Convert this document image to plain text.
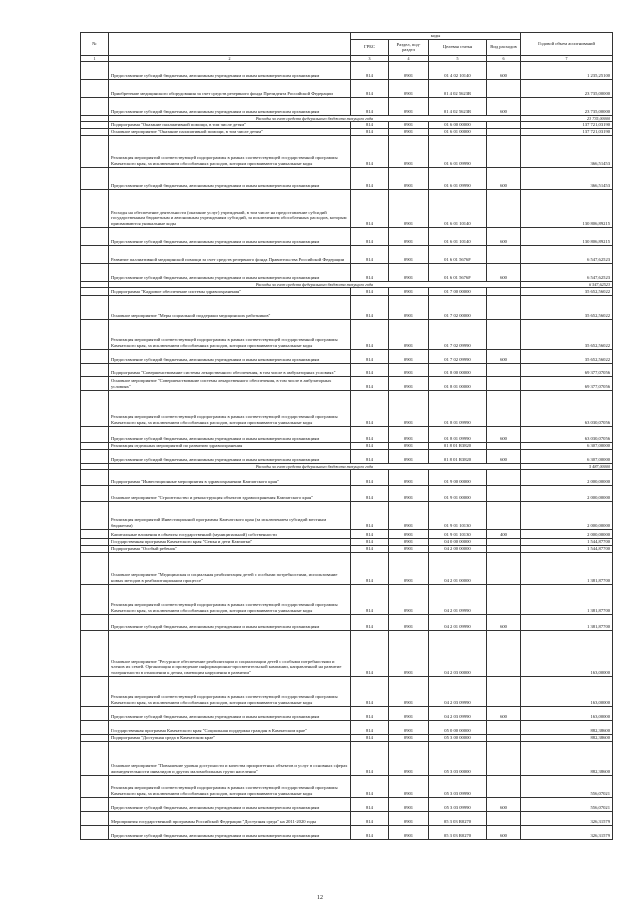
№		коды				Годовой объем ассигнований
		ГРБС	Раздел, под-раздел	Целевая статья	Вид расходов	
1	2	3	4	5	6	7
	Предоставление субсидий бюджетным, автономным учреждениям и иным некоммерческим организациям	814	0901	01 4 02 10140	600	1 235,25100
	Приобретение медицинского оборудования за счет средств резервного фонда Президента Российской Федерации	814	0901	01 4 02 5623R		23 735,00000
	Предоставление субсидий бюджетным, автономным учреждениям и иным некоммерческим организациям	814	0901	01 4 02 5623R	600	23 735,00000
	Расходы за счет средств федерального бюджета текущего года					23 735,00000
	Подпрограмма "Оказание паллиативной помощи, в том числе детям"	814	0901	01 6 00 00000		137 721,03190
	Основное мероприятие "Оказание паллиативной помощи, в том числе детям"	814	0901	01 6 01 00000		137 721,03190
	Реализация мероприятий соответствующей подпрограммы в рамках соответствующей государственной программы Камчатского края, за исключением обособленных расходов, которым присваиваются уникальные коды	814	0901	01 6 01 09990		366,51453
	Предоставление субсидий бюджетным, автономным учреждениям и иным некоммерческим организациям	814	0901	01 6 01 09990	600	366,51453
	Расходы на обеспечение деятельности (оказание услуг) учреждений, в том числе на предоставление субсидий государственным бюджетным и автономным учреждениям субсидий, за исключением обособленных расходов, которым присваиваются уникальные коды	814	0901	01 6 01 10140		130 806,89215
	Предоставление субсидий бюджетным, автономным учреждениям и иным некоммерческим организациям	814	0901	01 6 01 10140	600	130 806,89215
	Развитие паллиативной медицинской помощи за счет средств резервного фонда Правительства Российской Федерации	814	0901	01 6 01 5676F		6 547,62523
	Предоставление субсидий бюджетным, автономным учреждениям и иным некоммерческим организациям	814	0901	01 6 01 5676F	600	6 547,62523
	Расходы за счет средств федерального бюджета текущего года					6 547,62523
	Подпрограмма "Кадровое обеспечение системы здравоохранения"	814	0901	01 7 00 00000		35 652,56022
	Основное мероприятие "Меры социальной поддержки медицинских работников"	814	0901	01 7 02 00000		35 652,56022
	Реализация мероприятий соответствующей подпрограммы в рамках соответствующей государственной программы Камчатского края, за исключением обособленных расходов, которым присваиваются уникальные коды	814	0901	01 7 02 09990		35 652,56022
	Предоставление субсидий бюджетным, автономным учреждениям и иным некоммерческим организациям	814	0901	01 7 02 09990	600	35 652,56022
	Подпрограмма "Совершенствование системы лекарственного обеспечения, в том числе в амбулаторных условиях"	814	0901	01 8 00 00000		69 377,07056
	Основное мероприятие "Совершенствование системы лекарственного обеспечения, в том числе в амбулаторных условиях"	814	0901	01 8 01 00000		69 377,07056
	Реализация мероприятий соответствующей подпрограммы в рамках соответствующей государственной программы Камчатского края, за исключением обособленных расходов, которым присваиваются уникальные коды	814	0901	01 8 01 09990		63 030,07056
	Предоставление субсидий бюджетным, автономным учреждениям и иным некоммерческим организациям	814	0901	01 8 01 09990	600	63 030,07056
	Реализация отдельных мероприятий по развитию здравоохранения	814	0901	01 8 01 R3820		6 307,00000
	Предоставление субсидий бюджетным, автономным учреждениям и иным некоммерческим организациям	814	0901	01 8 01 R3820	600	6 307,00000
	Расходы за счет средств федерального бюджета текущего года					5 487,00000
	Подпрограмма "Инвестиционные мероприятия в здравоохранении Камчатского края"	814	0901	01 9 00 00000		2 000,00000
	Основное мероприятие "Строительство и реконструкция объектов здравоохранения Камчатского края"	814	0901	01 9 01 00000		2 000,00000
	Реализация мероприятий Инвестиционной программы Камчатского края (за исключением субсидий местным бюджетам)	814	0901	01 9 01 10130		2 000,00000
	Капитальные вложения в объекты государственной (муниципальной) собственности	814	0901	01 9 01 10130	400	2 000,00000
	Государственная программа Камчатского края "Семья и дети Камчатки"	814	0901	04 0 00 00000		1 544,87700
	Подпрограмма "Особый ребенок"	814	0901	04 2 00 00000		1 544,87700
	Основное мероприятие "Медицинская и социальная реабилитация детей с особыми потребностями, использование новых методов в реабилитационном процессе"	814	0901	04 2 01 00000		1 381,87700
	Реализация мероприятий соответствующей подпрограммы в рамках соответствующей государственной программы Камчатского края, за исключением обособленных расходов, которым присваиваются уникальные коды	814	0901	04 2 01 09990		1 381,87700
	Предоставление субсидий бюджетным, автономным учреждениям и иным некоммерческим организациям	814	0901	04 2 01 09990	600	1 381,87700
	Основное мероприятие "Ресурсное обеспечение реабилитации и социализации детей с особыми потребностями и членов их семей. Организация и проведение информационно-просветительской кампании, направленной на развитие толерантности в отношении к детям, имеющим нарушения в развитии"	814	0901	04 2 03 00000		163,00000
	Реализация мероприятий соответствующей подпрограммы в рамках соответствующей государственной программы Камчатского края, за исключением обособленных расходов, которым присваиваются уникальные коды	814	0901	04 2 03 09990		163,00000
	Предоставление субсидий бюджетным, автономным учреждениям и иным некоммерческим организациям	814	0901	04 2 03 09990	600	163,00000
	Государственная программа Камчатского края "Социальная поддержка граждан в Камчатском крае"	814	0901	05 0 00 00000		882,38600
	Подпрограмма "Доступная среда в Камчатском крае"	814	0901	05 3 00 00000		882,38600
	Основное мероприятие "Повышение уровня доступности и качества приоритетных объектов и услуг в основных сферах жизнедеятельности инвалидов и других маломобильных групп населения"	814	0901	05 3 03 00000		882,38600
	Реализация мероприятий соответствующей подпрограммы в рамках соответствующей государственной программы Камчатского края, за исключением обособленных расходов, которым присваиваются уникальные коды	814	0901	05 3 03 09990		556,07021
	Предоставление субсидий бюджетным, автономным учреждениям и иным некоммерческим организациям	814	0901	05 3 03 09990	600	556,07021
	Мероприятия государственной программы Российской Федерации "Доступная среда" на 2011-2020 годы	814	0901	05 3 03 R0270		326,31579
	Предоставление субсидий бюджетным, автономным учреждениям и иным некоммерческим организациям	814	0901	05 3 03 R0270	600	326,31579
12
